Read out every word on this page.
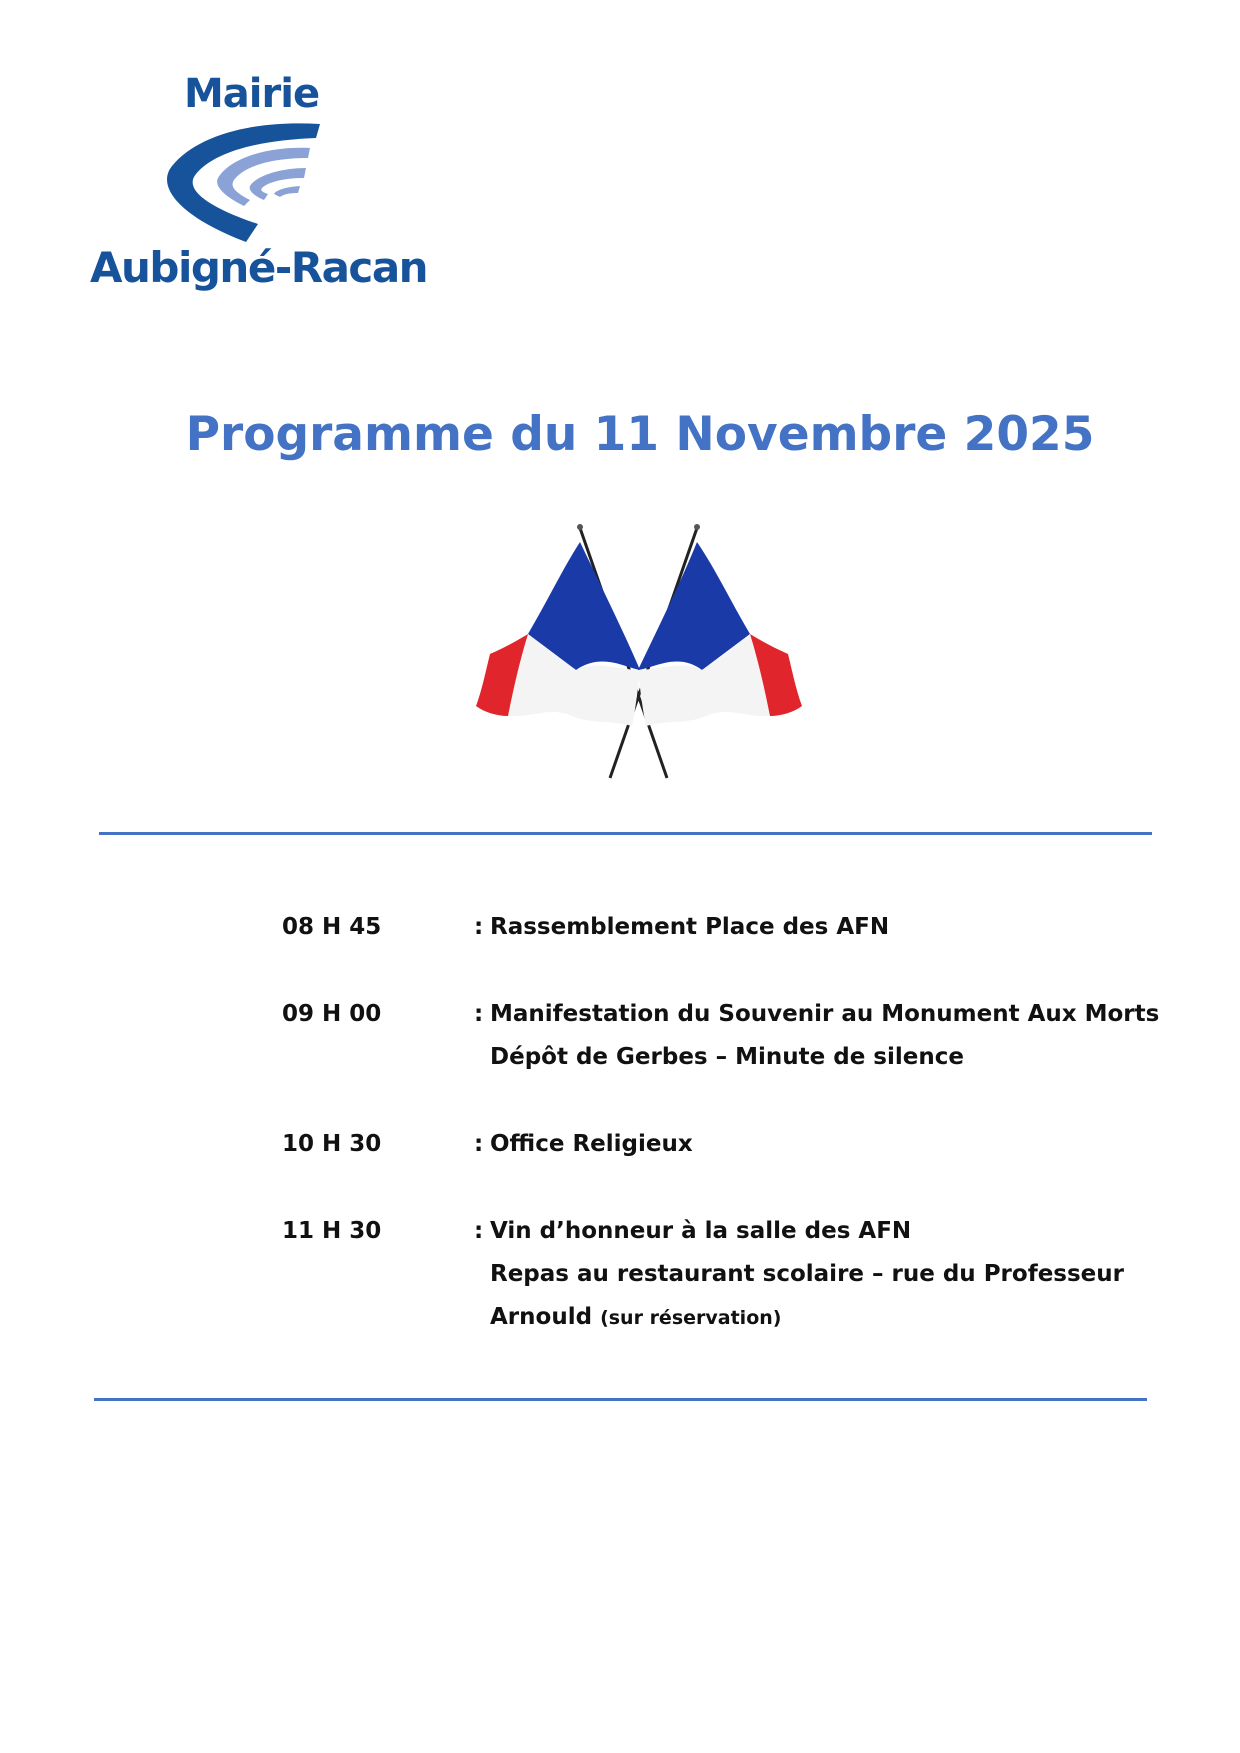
Mairie
Aubigné-Racan
Programme du 11 Novembre 2025
08 H 45	: Rassemblement Place des AFN
09 H 00	: Manifestation du Souvenir au Monument Aux Morts
Dépôt de Gerbes – Minute de silence
10 H 30	: Office Religieux
11 H 30	: Vin d’honneur à la salle des AFN
Repas au restaurant scolaire – rue du Professeur
Arnould (sur réservation)
